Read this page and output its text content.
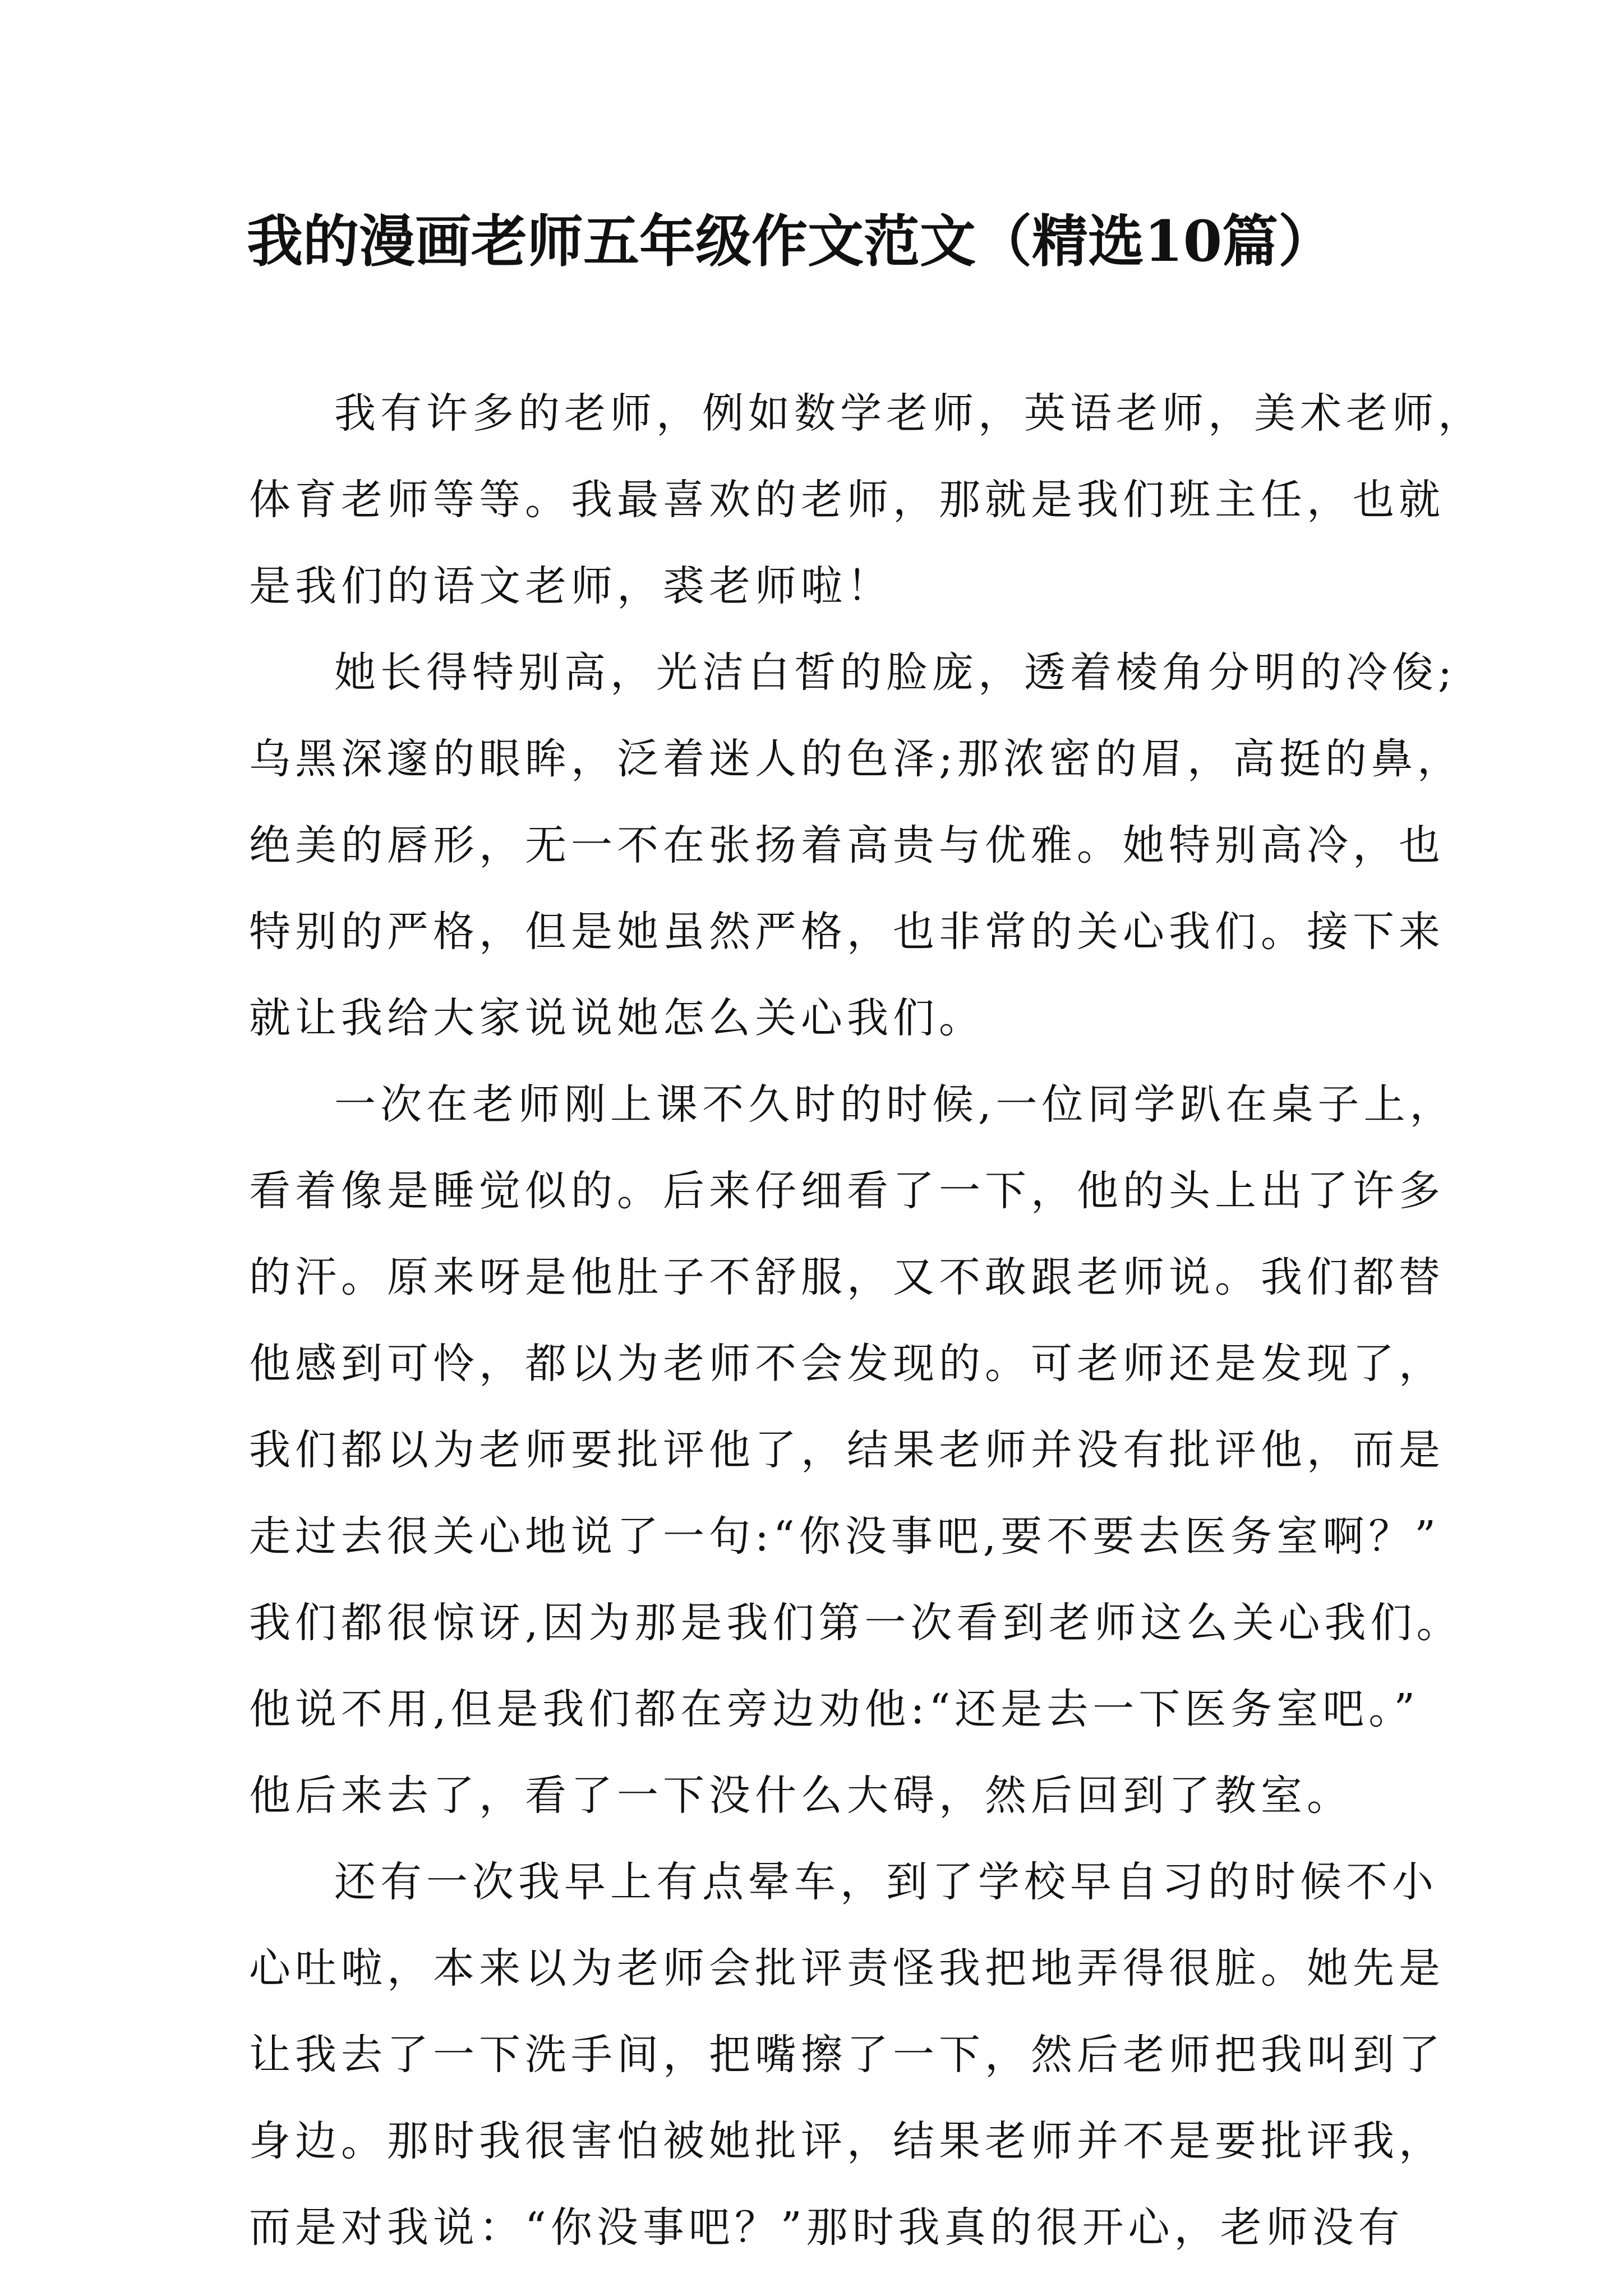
我的漫画老师五年级作文范文（精选10篇）
我有许多的老师，例如数学老师，英语老师，美术老师，
体育老师等等。我最喜欢的老师，那就是我们班主任，也就
是我们的语文老师，裘老师啦！
她长得特别高，光洁白皙的脸庞，透着棱角分明的冷俊;
乌黑深邃的眼眸，泛着迷人的色泽;那浓密的眉，高挺的鼻，
绝美的唇形，无一不在张扬着高贵与优雅。她特别高冷，也
特别的严格，但是她虽然严格，也非常的关心我们。接下来
就让我给大家说说她怎么关心我们。
一次在老师刚上课不久时的时候,一位同学趴在桌子上，
看着像是睡觉似的。后来仔细看了一下，他的头上出了许多
的汗。原来呀是他肚子不舒服，又不敢跟老师说。我们都替
他感到可怜，都以为老师不会发现的。可老师还是发现了，
我们都以为老师要批评他了，结果老师并没有批评他，而是
走过去很关心地说了一句:“你没事吧,要不要去医务室啊？”
我们都很惊讶,因为那是我们第一次看到老师这么关心我们。
他说不用,但是我们都在旁边劝他:“还是去一下医务室吧。”
他后来去了，看了一下没什么大碍，然后回到了教室。
还有一次我早上有点晕车，到了学校早自习的时候不小
心吐啦，本来以为老师会批评责怪我把地弄得很脏。她先是
让我去了一下洗手间，把嘴擦了一下，然后老师把我叫到了
身边。那时我很害怕被她批评，结果老师并不是要批评我，
而是对我说：“你没事吧？”那时我真的很开心，老师没有
